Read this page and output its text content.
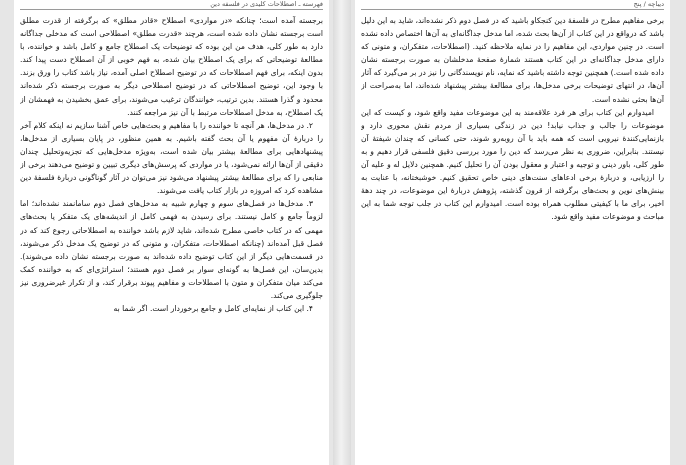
فهرسته ـ اصطلاحات کلیدی در فلسفه دین

برجسته آمده است؛ چنانکه «در مواردی» اصطلاح «قادر مطلق» که برگرفته از قدرت مطلق است برجسته نشان داده شده است، هرچند «قدرت مطلق» اصطلاحی است که مدخلی جداگانه دارد به طور کلی، هدف من این بوده که توضیحات یک اصطلاح جامع و کامل باشد و خواننده، با مطالعهٔ توضیحاتی که برای یک اصطلاح بیان شده، به فهم خوبی از آن اصطلاح دست پیدا کند. بدون اینکه، برای فهم اصطلاحات که در توضیح اصطلاح اصلی آمده، نیاز باشد کتاب را ورق بزند. با وجود این، توضیح اصطلاحاتی که در توضیح اصطلاحی دیگر به صورت برجسته ذکر شده‌اند محدود و گذرا هستند. بدین ترتیب، خوانندگان ترغیب می‌شوند، برای عمق بخشیدن به فهمشان از یک اصطلاح، به مدخل اصطلاحات مرتبط با آن نیز مراجعه کنند.

۲. در مدخل‌ها، هر آنچه تا خواننده را با مفاهیم و بحث‌هایی خاص آشنا سازیم نه اینکه کلام آخر را دربارهٔ آن مفهوم یا آن بحث گفته باشیم. به همین منظور، در پایان بسیاری از مدخل‌ها، پیشنهادهایی برای مطالعهٔ بیشتر بیان شده است، به‌ویژه مدخل‌هایی که تجزیه‌وتحلیل چندان دقیقی از آن‌ها ارائه نمی‌شود، یا در مواردی که پرسش‌های دیگری تبیین و توضیح می‌دهند برخی از منابعی را که برای مطالعهٔ بیشتر پیشنهاد می‌شود نیز می‌توان در آثار گوناگونی دربارهٔ فلسفهٔ دین مشاهده کرد که امروزه در بازار کتاب یافت می‌شوند.

۳. مدخل‌ها در فصل‌های سوم و چهارم شبیه به مدخل‌های فصل دوم سامانمند نشده‌اند؛ اما لزوماً جامع و کامل نیستند. برای رسیدن به فهمی کامل از اندیشه‌های یک متفکر یا بحث‌های مهمی که در کتاب خاصی مطرح شده‌اند، شاید لازم باشد خواننده به اصطلاحاتی رجوع کند که در فصل قبل آمده‌اند (چنانکه اصطلاحات، متفکران، و متونی که در توضیح یک مدخل ذکر می‌شوند، در قسمت‌هایی دیگر از این کتاب توضیح داده شده‌اند به صورت برجسته نشان داده می‌شوند). بدین‌سان، این فصل‌ها به گونه‌ای سوار بر فصل دوم هستند؛ استراتژی‌ای که به خواننده کمک می‌کند میان متفکران و متون با اصطلاحات و مفاهیم پیوند برقرار کند، و از تکرار غیرضروری نیز جلوگیری می‌کند.

۴. این کتاب از نمایه‌ای کامل و جامع برخوردار است. اگر شما به

دیباچه / پنج

برخی مفاهیم مطرح در فلسفهٔ دین کنجکاو باشید که در فصل دوم ذکر نشده‌اند، شاید به این دلیل باشد که درواقع در این کتاب از آن‌ها بحث شده، اما مدخل جداگانه‌ای به آن‌ها اختصاص داده نشده است. در چنین مواردی، این مفاهیم را در نمایه ملاحظه کنید. (اصطلاحات، متفکران، و متونی که دارای مدخل جداگانه‌ای در این کتاب هستند شمارهٔ صفحهٔ مدخلشان به صورت برجسته نشان داده شده است.) همچنین توجه داشته باشید که نمایه، نام نویسندگانی را نیز در بر می‌گیرد که آثار آن‌ها، در انتهای توضیحات برخی مدخل‌ها، برای مطالعهٔ بیشتر پیشنهاد شده‌اند، اما به‌صراحت از آن‌ها بحثی نشده است.

امیدوارم این کتاب برای هر فرد علاقه‌مند به این موضوعات مفید واقع شود، و کیست که این موضوعات را جالب و جذاب نیابد! دین در زندگی بسیاری از مردم نقش محوری دارد و بازنمایی‌کنندهٔ نیرویی است که همه باید با آن روبه‌رو شوند، حتی کسانی که چندان شیفتهٔ آن نیستند. بنابراین، ضروری به نظر می‌رسد که دین را مورد بررسی دقیق فلسفی قرار دهیم و به طور کلی، باور دینی و توجیه و اعتبار و معقول بودن آن را تحلیل کنیم. همچنین دلایل له و علیه آن را ارزیابی، و دربارهٔ برخی ادعاهای سنت‌های دینی خاص تحقیق کنیم. خوشبختانه، با عنایت به بینش‌های نوین و بحث‌های برگرفته از قرون گذشته، پژوهش دربارهٔ این موضوعات، در چند دههٔ اخیر، برای ما با کیفیتی مطلوب همراه بوده است. امیدوارم این کتاب در جلب توجه شما به این مباحث و موضوعات مفید واقع شود.
